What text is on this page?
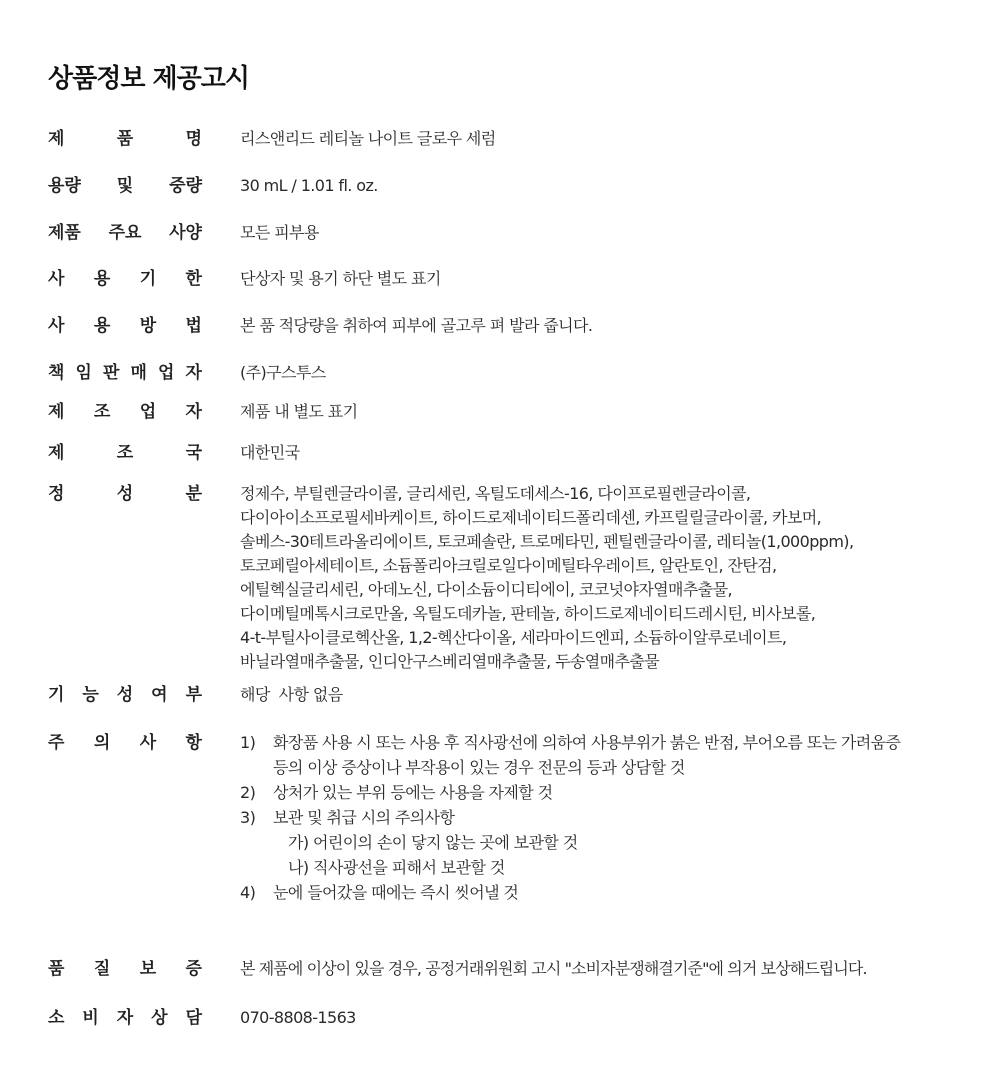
상품정보 제공고시
제	품	명 리스앤리드 레티놀 나이트 글로우 세럼
용량 및 중량 30 mL / 1.01 fl. oz.
제품 주요 사양 모든 피부용
사 용 기 한 단상자 및 용기 하단 별도 표기
사 용 방 법 본 품 적당량을 취하여 피부에 골고루 펴 발라 줍니다.
책 임 판 매 업 자 (주)구스투스
제 조 업 자 제품 내 별도 표기
제	조	국 대한민국
정	성	분 정제수, 부틸렌글라이콜, 글리세린, 옥틸도데세스-16, 다이프로필렌글라이콜,
다이아이소프로필세바케이트, 하이드로제네이티드폴리데센, 카프릴릴글라이콜, 카보머,
솔베스-30테트라올리에이트, 토코페솔란, 트로메타민, 펜틸렌글라이콜, 레티놀(1,000ppm),
토코페릴아세테이트, 소듐폴리아크릴로일다이메틸타우레이트, 알란토인, 잔탄검,
에틸헥실글리세린, 아데노신, 다이소듐이디티에이, 코코넛야자열매추출물,
다이메틸메톡시크로만올, 옥틸도데카놀, 판테놀, 하이드로제네이티드레시틴, 비사보롤,
4-t-부틸사이클로헥산올, 1,2-헥산다이올, 세라마이드엔피, 소듐하이알루로네이트,
바닐라열매추출물, 인디안구스베리열매추출물, 두송열매추출물
기 능 성 여 부 해당  사항 없음
주 의 사 항 1) 화장품 사용 시 또는 사용 후 직사광선에 의하여 사용부위가 붉은 반점, 부어오름 또는 가려움증
등의 이상 증상이나 부작용이 있는 경우 전문의 등과 상담할 것
2) 상처가 있는 부위 등에는 사용을 자제할 것
3) 보관 및 취급 시의 주의사항
가) 어린이의 손이 닿지 않는 곳에 보관할 것
나) 직사광선을 피해서 보관할 것
4) 눈에 들어갔을 때에는 즉시 씻어낼 것
품 질 보 증 본 제품에 이상이 있을 경우, 공정거래위원회 고시 "소비자분쟁해결기준"에 의거 보상해드립니다.
소 비 자 상 담 070-8808-1563
